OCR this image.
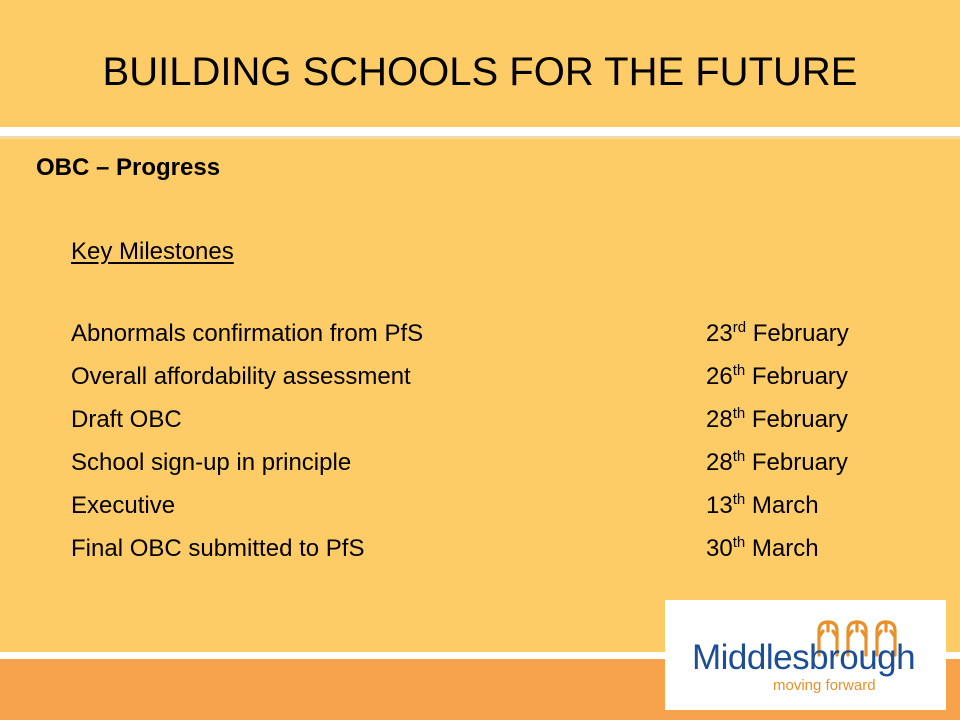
BUILDING SCHOOLS FOR THE FUTURE
OBC – Progress
Key Milestones
Abnormals confirmation from PfS	23rd February
Overall affordability assessment	26th February
Draft OBC	28th February
School sign-up in principle	28th February
Executive	13th March
Final OBC submitted to PfS	30th March
Middlesbrough
moving forward
